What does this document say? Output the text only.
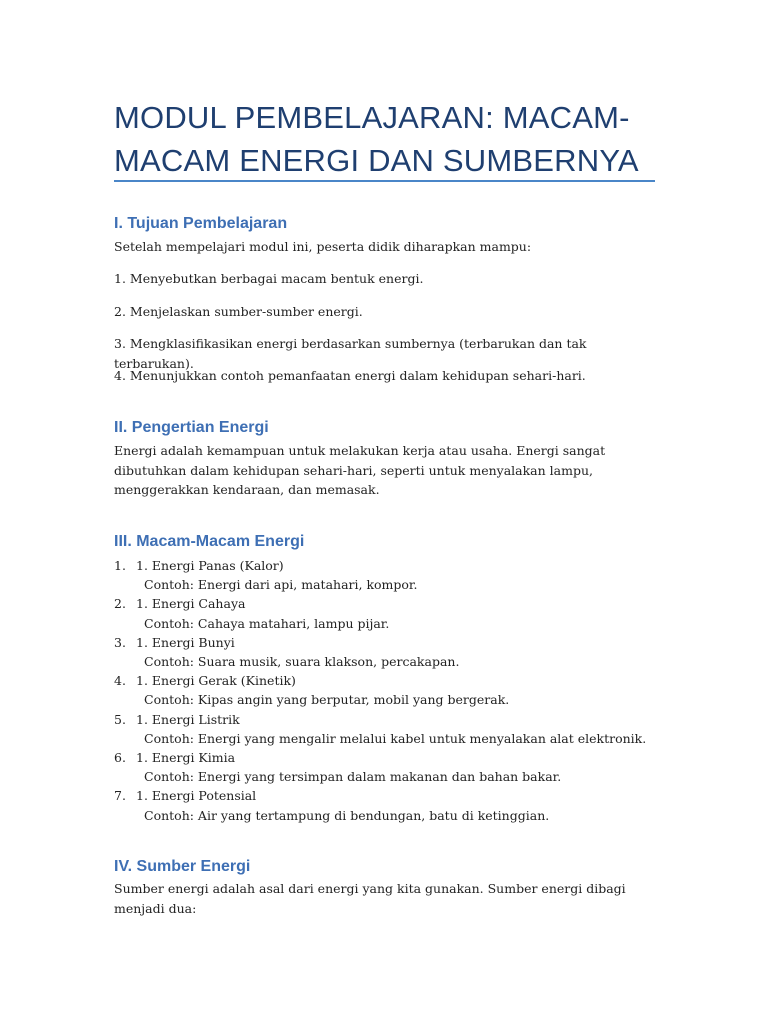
MODUL PEMBELAJARAN: MACAM-MACAM ENERGI DAN SUMBERNYA
I. Tujuan Pembelajaran

Setelah mempelajari modul ini, peserta didik diharapkan mampu:

1. Menyebutkan berbagai macam bentuk energi.

2. Menjelaskan sumber-sumber energi.

3. Mengklasifikasikan energi berdasarkan sumbernya (terbarukan dan tak terbarukan).

4. Menunjukkan contoh pemanfaatan energi dalam kehidupan sehari-hari.

II. Pengertian Energi

Energi adalah kemampuan untuk melakukan kerja atau usaha. Energi sangat dibutuhkan dalam kehidupan sehari-hari, seperti untuk menyalakan lampu, menggerakkan kendaraan, dan memasak.

III. Macam-Macam Energi
1. 1. Energi Panas (Kalor)
Contoh: Energi dari api, matahari, kompor.
2. 1. Energi Cahaya
Contoh: Cahaya matahari, lampu pijar.
3. 1. Energi Bunyi
Contoh: Suara musik, suara klakson, percakapan.
4. 1. Energi Gerak (Kinetik)
Contoh: Kipas angin yang berputar, mobil yang bergerak.
5. 1. Energi Listrik
Contoh: Energi yang mengalir melalui kabel untuk menyalakan alat elektronik.
6. 1. Energi Kimia
Contoh: Energi yang tersimpan dalam makanan dan bahan bakar.
7. 1. Energi Potensial
Contoh: Air yang tertampung di bendungan, batu di ketinggian.
IV. Sumber Energi

Sumber energi adalah asal dari energi yang kita gunakan. Sumber energi dibagi menjadi dua:
